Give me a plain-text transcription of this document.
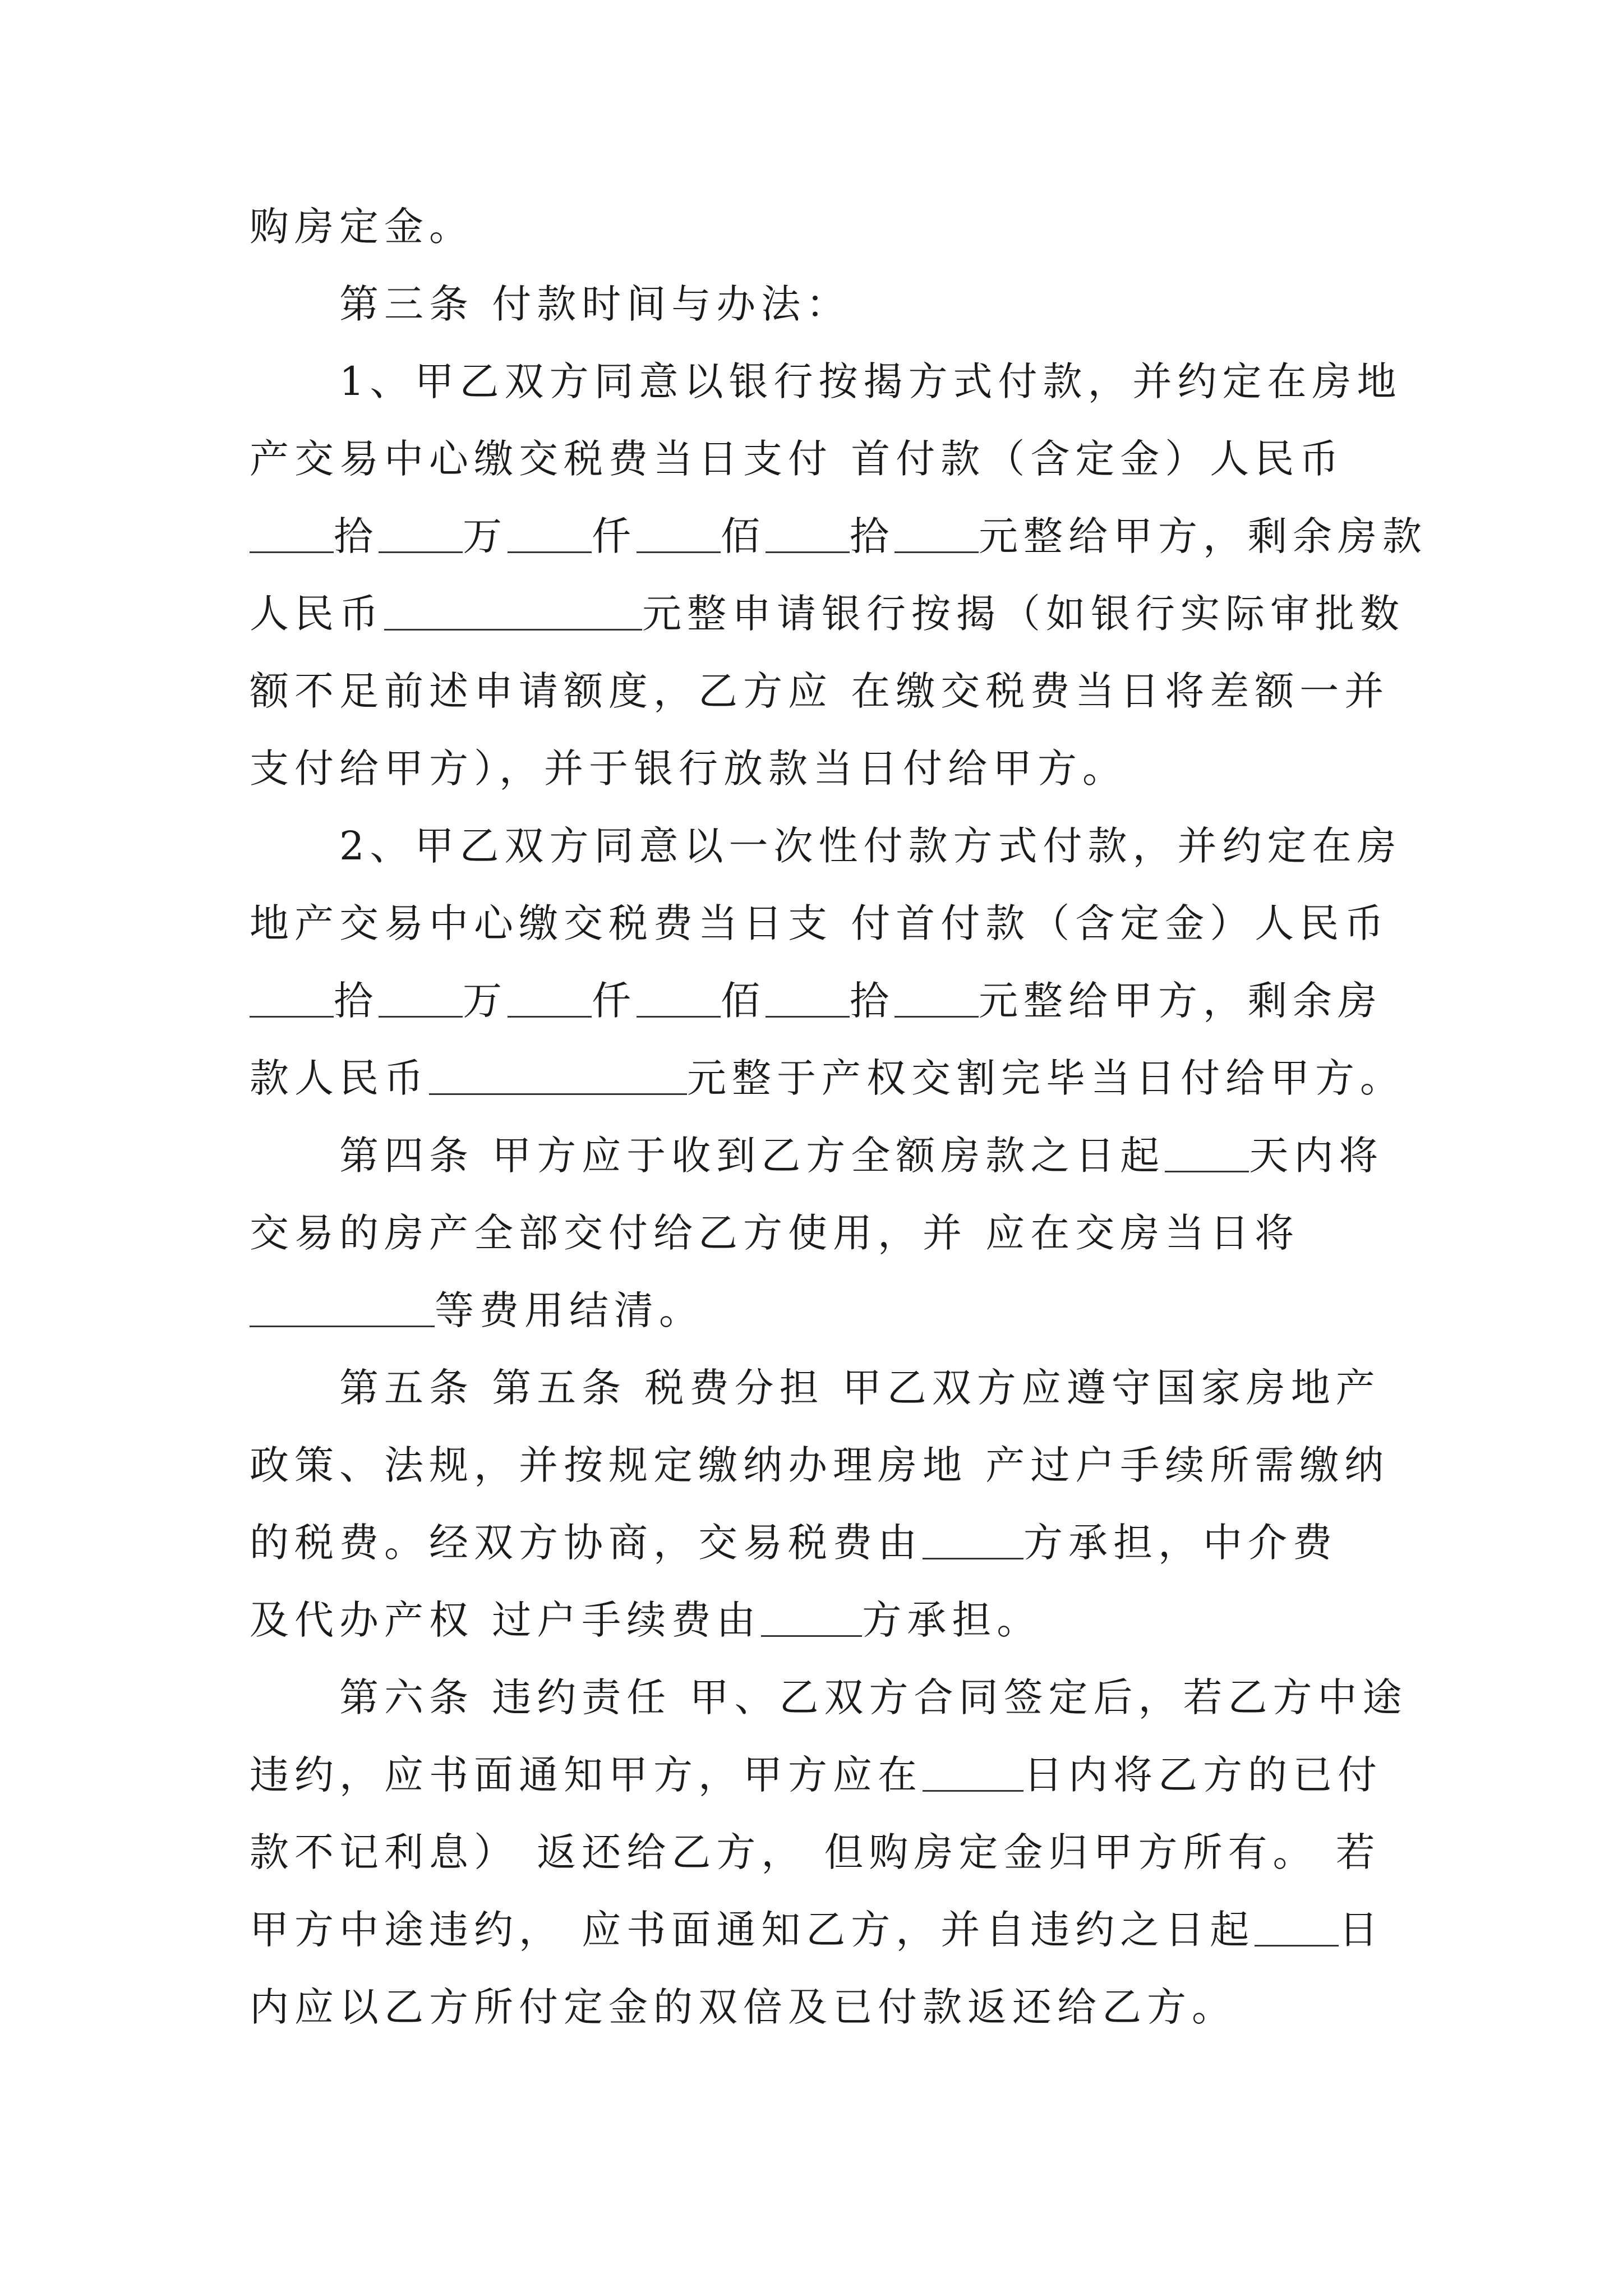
购房定金。
第三条 付款时间与办法：
1、甲乙双方同意以银行按揭方式付款，并约定在房地
产交易中心缴交税费当日支付 首付款（含定金）人民币
拾 万 仟 佰 拾 元整给甲方，剩余房款
人民币	元整申请银行按揭（如银行实际审批数
额不足前述申请额度，乙方应 在缴交税费当日将差额一并
支付给甲方），并于银行放款当日付给甲方。
2、甲乙双方同意以一次性付款方式付款，并约定在房
地产交易中心缴交税费当日支 付首付款（含定金）人民币
拾 万 仟 佰 拾 元整给甲方，剩余房
款人民币	元整于产权交割完毕当日付给甲方。
第四条 甲方应于收到乙方全额房款之日起 天内将
交易的房产全部交付给乙方使用，并 应在交房当日将
等费用结清。
第五条 第五条 税费分担 甲乙双方应遵守国家房地产
政策、法规，并按规定缴纳办理房地 产过户手续所需缴纳
的税费。经双方协商，交易税费由	方承担，中介费
及代办产权 过户手续费由	方承担。
第六条 违约责任 甲、乙双方合同签定后，若乙方中途
违约，应书面通知甲方，甲方应在	日内将乙方的已付
款不记利息） 返还给乙方， 但购房定金归甲方所有。 若
甲方中途违约， 应书面通知乙方，并自违约之日起 日
内应以乙方所付定金的双倍及已付款返还给乙方。
